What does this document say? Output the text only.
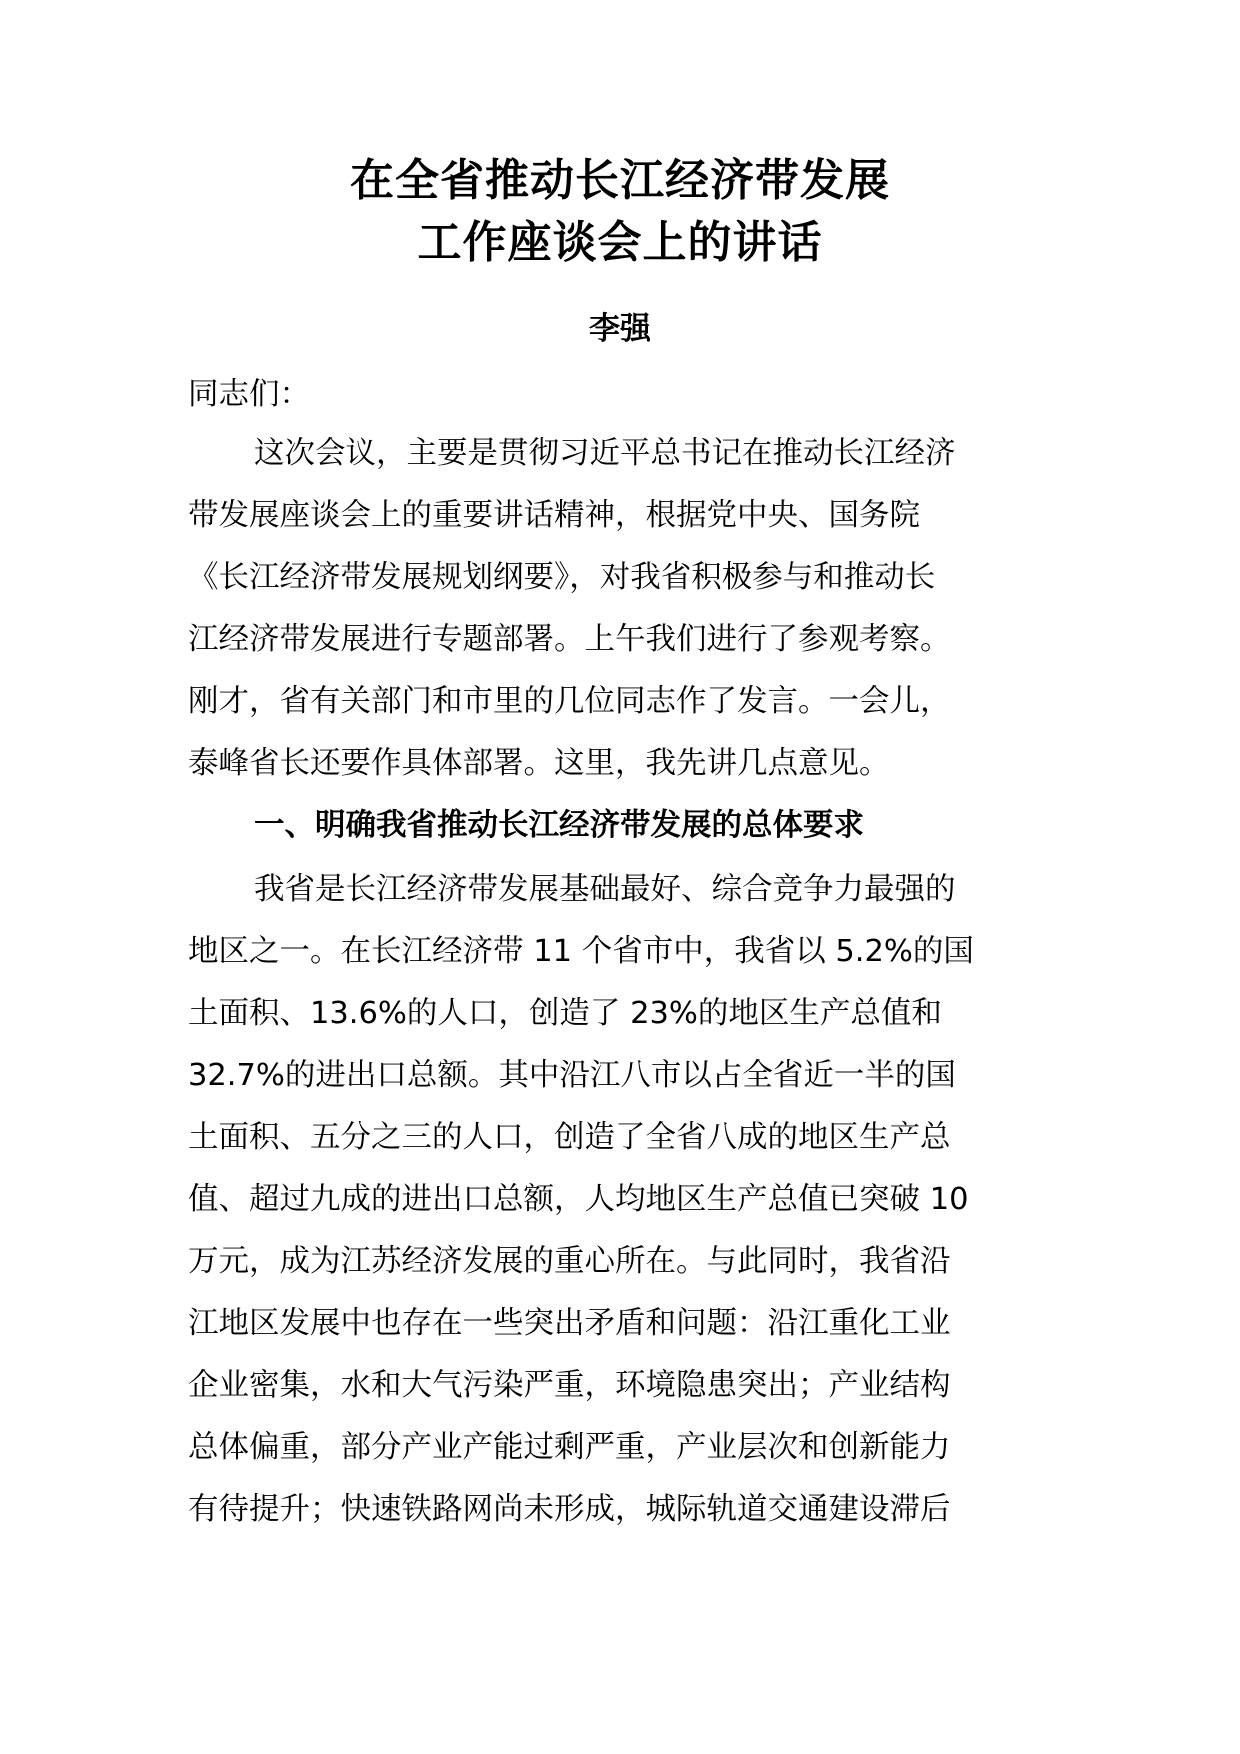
在全省推动长江经济带发展
工作座谈会上的讲话
李强
同志们：
这次会议，主要是贯彻习近平总书记在推动长江经济
带发展座谈会上的重要讲话精神，根据党中央、国务院
《长江经济带发展规划纲要》，对我省积极参与和推动长
江经济带发展进行专题部署。上午我们进行了参观考察。
刚才，省有关部门和市里的几位同志作了发言。一会儿，
泰峰省长还要作具体部署。这里，我先讲几点意见。
一、明确我省推动长江经济带发展的总体要求
我省是长江经济带发展基础最好、综合竞争力最强的
地区之一。在长江经济带 11 个省市中，我省以 5.2%的国
土面积、13.6%的人口，创造了 23%的地区生产总值和
32.7%的进出口总额。其中沿江八市以占全省近一半的国
土面积、五分之三的人口，创造了全省八成的地区生产总
值、超过九成的进出口总额，人均地区生产总值已突破 10
万元，成为江苏经济发展的重心所在。与此同时，我省沿
江地区发展中也存在一些突出矛盾和问题：沿江重化工业
企业密集，水和大气污染严重，环境隐患突出；产业结构
总体偏重，部分产业产能过剩严重，产业层次和创新能力
有待提升；快速铁路网尚未形成，城际轨道交通建设滞后
